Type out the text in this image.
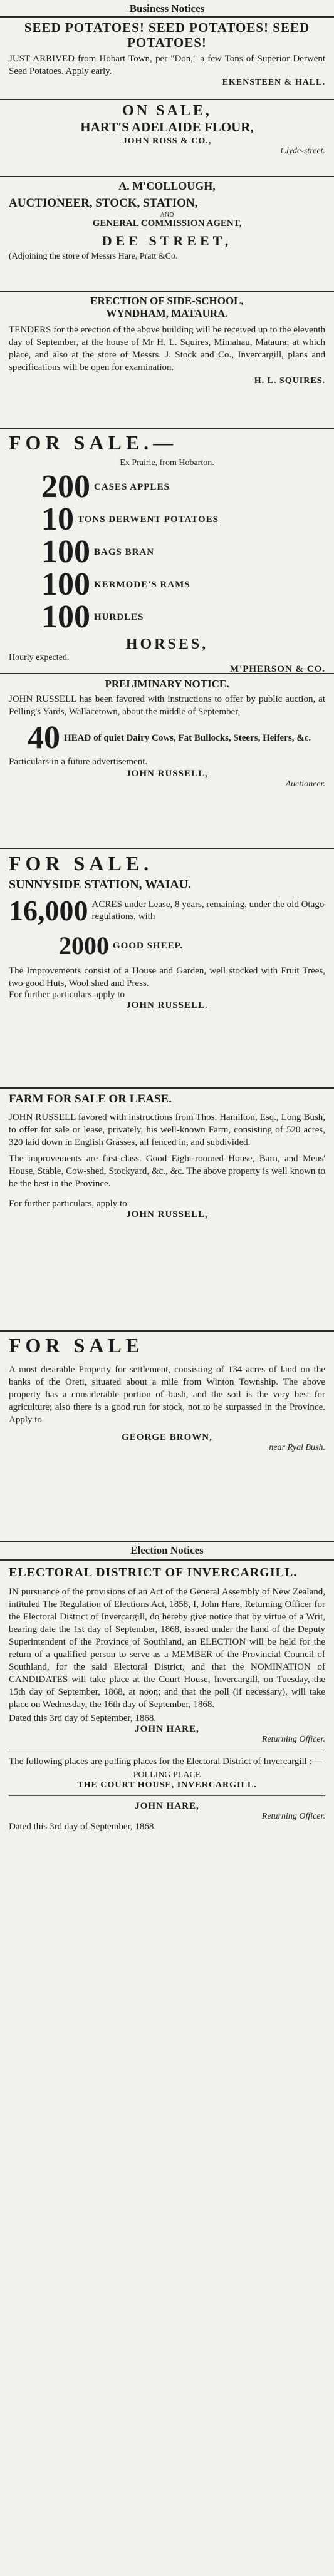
Business Notices
SEED POTATOES! SEED POTATOES! SEED POTATOES!
JUST ARRIVED from Hobart Town, per "Don," a few Tons of Superior Derwent Seed Potatoes. Apply early.
EKENSTEEN & HALL.
ON SALE,
HART'S ADELAIDE FLOUR,
JOHN ROSS & CO.,
Clyde-street.
A. M'COLLOUGH,
AUCTIONEER, STOCK, STATION,
AND
GENERAL COMMISSION AGENT,
DEE STREET,
(Adjoining the store of Messrs Hare, Pratt &Co.
ERECTION OF SIDE-SCHOOL,
WYNDHAM, MATAURA.
TENDERS for the erection of the above building will be received up to the eleventh day of September, at the house of Mr H. L. Squires, Mimahau, Mataura; at which place, and also at the store of Messrs. J. Stock and Co., Invercargill, plans and specifications will be open for examination.
H. L. SQUIRES.
FOR SALE.—
Ex Prairie, from Hobarton.
200 CASES APPLES
10 TONS DERWENT POTATOES
100 BAGS BRAN
100 KERMODE'S RAMS
100 HURDLES
HORSES,
Hourly expected.
M'PHERSON & CO.
PRELIMINARY NOTICE.
JOHN RUSSELL has been favored with instructions to offer by public auction, at Pelling's Yards, Wallacetown, about the middle of September,
40 HEAD of quiet Dairy Cows, Fat Bullocks, Steers, Heifers, &c.
Particulars in a future advertisement.
JOHN RUSSELL,
Auctioneer.
FOR SALE.
SUNNYSIDE STATION, WAIAU.
16,000 ACRES under Lease, 8 years, remaining, under the old Otago regulations, with
2000 GOOD SHEEP.
The Improvements consist of a House and Garden, well stocked with Fruit Trees, two good Huts, Wool shed and Press.
For further particulars apply to
JOHN RUSSELL.
FARM FOR SALE OR LEASE.
JOHN RUSSELL favored with instructions from Thos. Hamilton, Esq., Long Bush, to offer for sale or lease, privately, his well-known Farm, consisting of 520 acres, 320 laid down in English Grasses, all fenced in, and subdivided.
The improvements are first-class. Good Eight-roomed House, Barn, and Mens' House, Stable, Cow-shed, Stockyard, &c., &c. The above property is well known to be the best in the Province.
For further particulars, apply to
JOHN RUSSELL,
FOR SALE
A most desirable Property for settlement, consisting of 134 acres of land on the banks of the Oreti, situated about a mile from Winton Township. The above property has a considerable portion of bush, and the soil is the very best for agriculture; also there is a good run for stock, not to be surpassed in the Province. Apply to
GEORGE BROWN,
near Ryal Bush.
Election Notices
ELECTORAL DISTRICT OF INVERCARGILL.
IN pursuance of the provisions of an Act of the General Assembly of New Zealand, intituled The Regulation of Elections Act, 1858, I, John Hare, Returning Officer for the Electoral District of Invercargill, do hereby give notice that by virtue of a Writ, bearing date the 1st day of September, 1868, issued under the hand of the Deputy Superintendent of the Province of Southland, an ELECTION will be held for the return of a qualified person to serve as a MEMBER of the Provincial Council of Southland, for the said Electoral District, and that the NOMINATION of CANDIDATES will take place at the Court House, Invercargill, on Tuesday, the 15th day of September, 1868, at noon; and that the poll (if necessary), will take place on Wednesday, the 16th day of September, 1868.
Dated this 3rd day of September, 1868.
JOHN HARE,
Returning Officer.
The following places are polling places for the Electoral District of Invercargill :—
POLLING PLACE
THE COURT HOUSE, INVERCARGILL.
JOHN HARE,
Returning Officer.
Dated this 3rd day of September, 1868.
